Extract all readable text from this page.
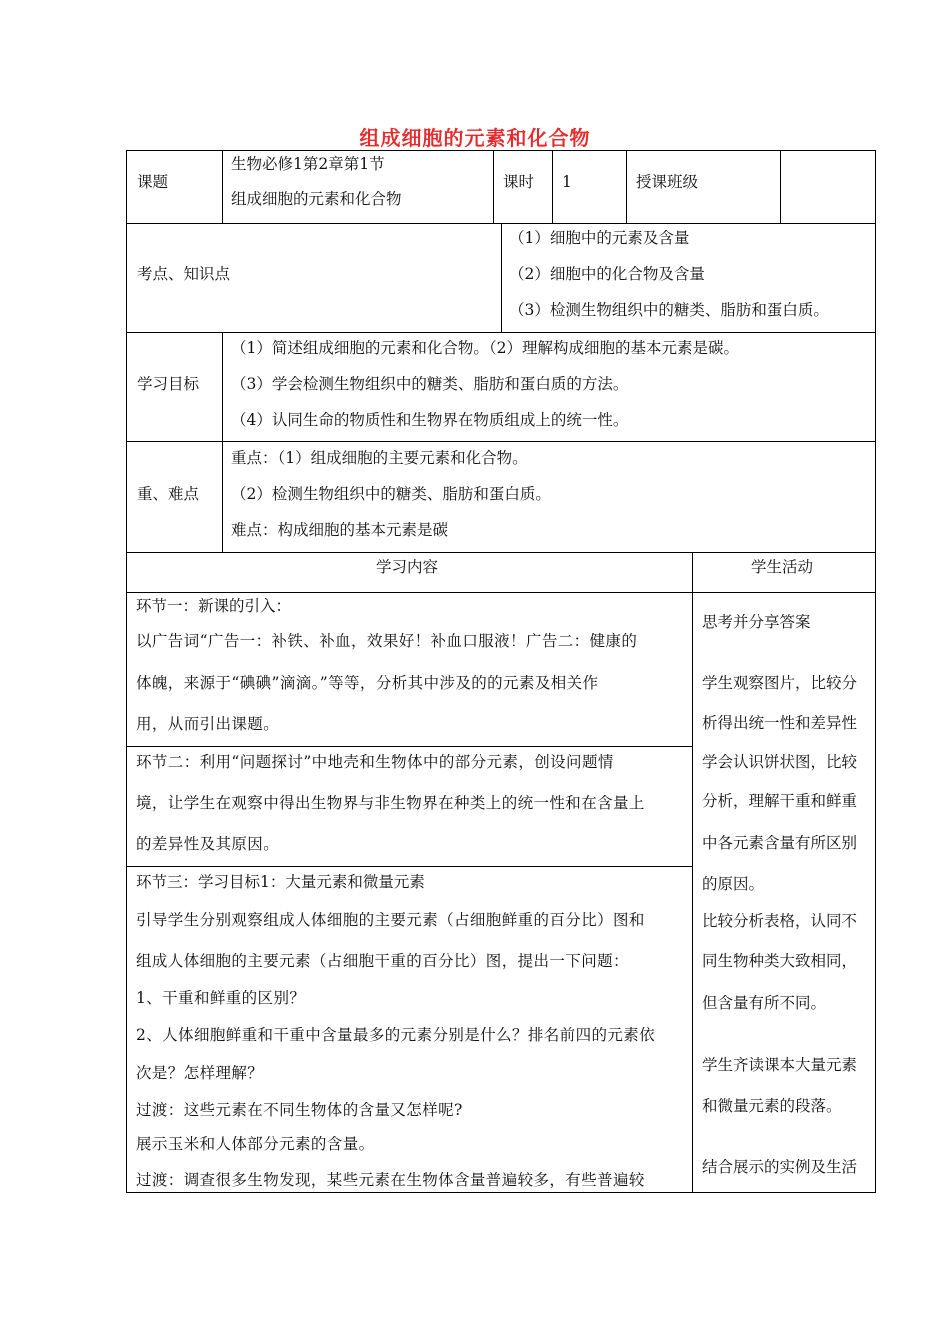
组成细胞的元素和化合物
课题
生物必修1第2章第1节
组成细胞的元素和化合物
课时 1	授课班级
考点、知识点
（1）细胞中的元素及含量
（2）细胞中的化合物及含量
（3）检测生物组织中的糖类、脂肪和蛋白质。
学习目标
（1）简述组成细胞的元素和化合物。（2）理解构成细胞的基本元素是碳。
（3）学会检测生物组织中的糖类、脂肪和蛋白质的方法。
（4）认同生命的物质性和生物界在物质组成上的统一性。
重、难点
重点：（1）组成细胞的主要元素和化合物。
（2）检测生物组织中的糖类、脂肪和蛋白质。
难点：构成细胞的基本元素是碳
学习内容	学生活动
环节一：新课的引入：
以广告词“广告一：补铁、补血，效果好！补血口服液！广告二：健康的
体魄，来源于“碘碘”滴滴。”等等，分析其中涉及的的元素及相关作
用，从而引出课题。
环节二：利用“问题探讨”中地壳和生物体中的部分元素，创设问题情
境，让学生在观察中得出生物界与非生物界在种类上的统一性和在含量上
的差异性及其原因。
环节三：学习目标1：大量元素和微量元素
引导学生分别观察组成人体细胞的主要元素（占细胞鲜重的百分比）图和
组成人体细胞的主要元素（占细胞干重的百分比）图，提出一下问题：
1、干重和鲜重的区别？
2、人体细胞鲜重和干重中含量最多的元素分别是什么？排名前四的元素依
次是？怎样理解？
过渡：这些元素在不同生物体的含量又怎样呢?
展示玉米和人体部分元素的含量。
过渡：调查很多生物发现，某些元素在生物体含量普遍较多，有些普遍较
思考并分享答案
学生观察图片，比较分
析得出统一性和差异性
学会认识饼状图，比较
分析，理解干重和鲜重
中各元素含量有所区别
的原因。
比较分析表格，认同不
同生物种类大致相同，
但含量有所不同。
学生齐读课本大量元素
和微量元素的段落。
结合展示的实例及生活
